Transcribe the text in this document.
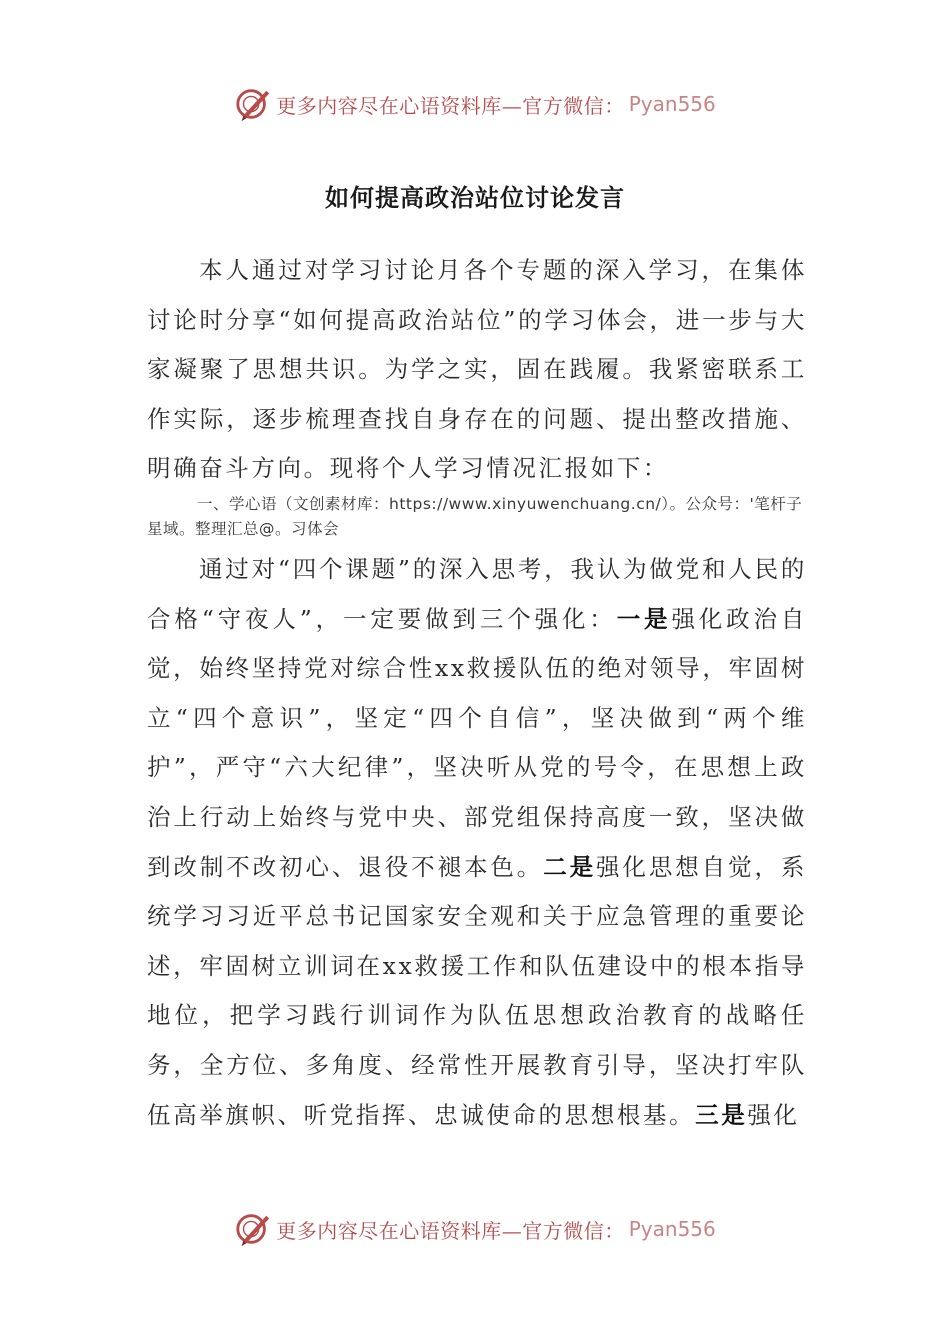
更多内容尽在心语资料库—官方微信： Pyan556
如何提高政治站位讨论发言

本人通过对学习讨论月各个专题的深入学习，在集体讨论时分享“如何提高政治站位”的学习体会，进一步与大家凝聚了思想共识。为学之实，固在践履。我紧密联系工作实际，逐步梳理查找自身存在的问题、提出整改措施、明确奋斗方向。现将个人学习情况汇报如下：

一、学心语（文创素材库：https://www.xinyuwenchuang.cn/）。公众号：'笔杆子星域。整理汇总@。习体会

通过对“四个课题”的深入思考，我认为做党和人民的合格“守夜人”，一定要做到三个强化：一是强化政治自觉，始终坚持党对综合性xx救援队伍的绝对领导，牢固树立“四个意识”，坚定“四个自信”，坚决做到“两个维护”，严守“六大纪律”，坚决听从党的号令，在思想上政治上行动上始终与党中央、部党组保持高度一致，坚决做到改制不改初心、退役不褪本色。二是强化思想自觉，系统学习习近平总书记国家安全观和关于应急管理的重要论述，牢固树立训词在xx救援工作和队伍建设中的根本指导地位，把学习践行训词作为队伍思想政治教育的战略任务，全方位、多角度、经常性开展教育引导，坚决打牢队伍高举旗帜、听党指挥、忠诚使命的思想根基。三是强化

更多内容尽在心语资料库—官方微信： Pyan556
